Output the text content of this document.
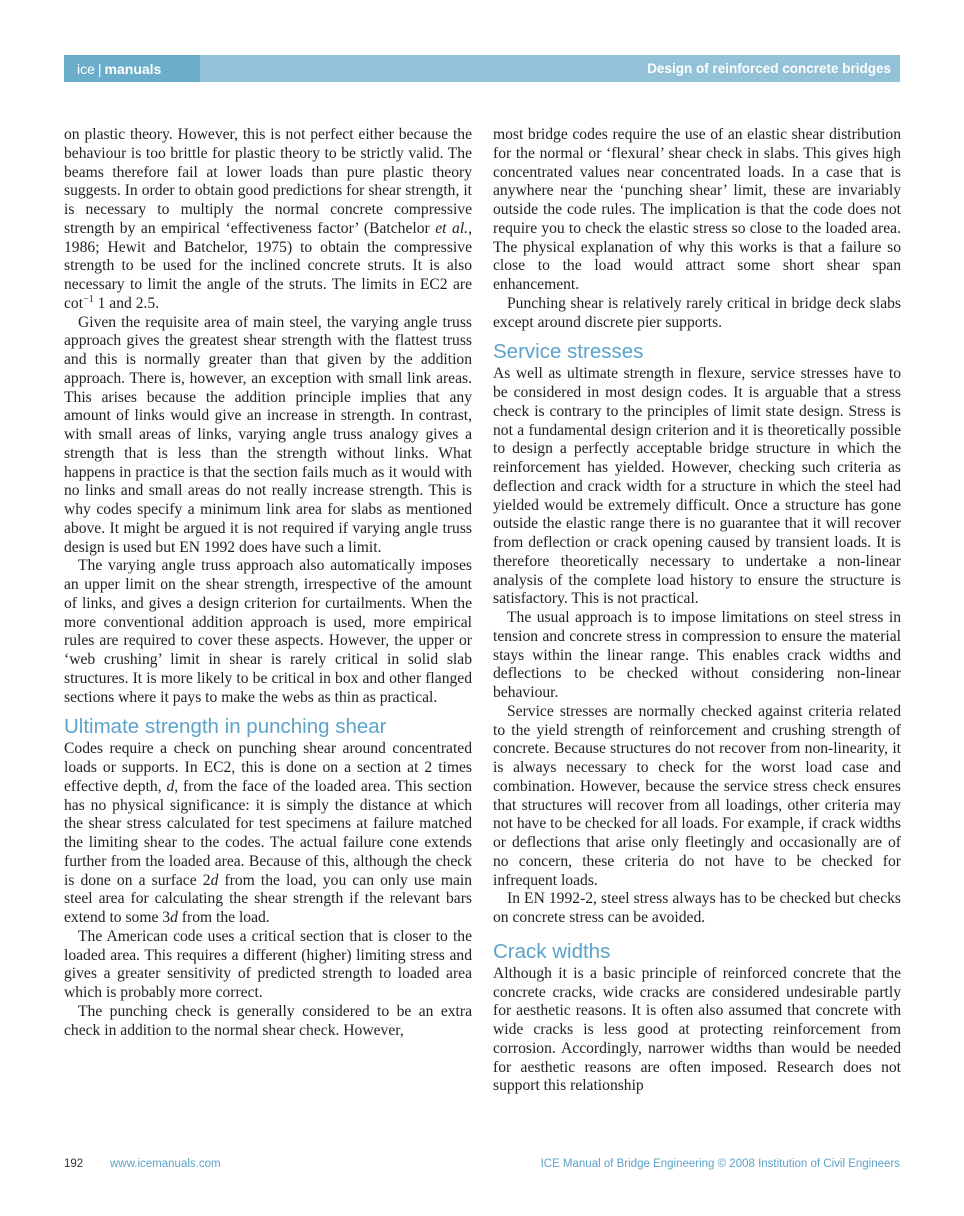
ice | manuals	Design of reinforced concrete bridges

on plastic theory. However, this is not perfect either because the behaviour is too brittle for plastic theory to be strictly valid. The beams therefore fail at lower loads than pure plastic theory suggests. In order to obtain good predictions for shear strength, it is necessary to multiply the normal concrete compressive strength by an empirical ‘effectiveness factor’ (Batchelor et al., 1986; Hewit and Batchelor, 1975) to obtain the compressive strength to be used for the inclined concrete struts. It is also necessary to limit the angle of the struts. The limits in EC2 are $\cot^{-1} 1$ and 2.5.

Given the requisite area of main steel, the varying angle truss approach gives the greatest shear strength with the flattest truss and this is normally greater than that given by the addition approach. There is, however, an exception with small link areas. This arises because the addition principle implies that any amount of links would give an increase in strength. In contrast, with small areas of links, varying angle truss analogy gives a strength that is less than the strength without links. What happens in practice is that the section fails much as it would with no links and small areas do not really increase strength. This is why codes specify a minimum link area for slabs as mentioned above. It might be argued it is not required if varying angle truss design is used but EN 1992 does have such a limit.

The varying angle truss approach also automatically imposes an upper limit on the shear strength, irrespective of the amount of links, and gives a design criterion for curtailments. When the more conventional addition approach is used, more empirical rules are required to cover these aspects. However, the upper or ‘web crushing’ limit in shear is rarely critical in solid slab structures. It is more likely to be critical in box and other flanged sections where it pays to make the webs as thin as practical.

Ultimate strength in punching shear

Codes require a check on punching shear around concentrated loads or supports. In EC2, this is done on a section at 2 times effective depth, d, from the face of the loaded area. This section has no physical significance: it is simply the distance at which the shear stress calculated for test specimens at failure matched the limiting shear to the codes. The actual failure cone extends further from the loaded area. Because of this, although the check is done on a surface 2d from the load, you can only use main steel area for calculating the shear strength if the relevant bars extend to some 3d from the load.

The American code uses a critical section that is closer to the loaded area. This requires a different (higher) limiting stress and gives a greater sensitivity of predicted strength to loaded area which is probably more correct.

The punching check is generally considered to be an extra check in addition to the normal shear check. However,

most bridge codes require the use of an elastic shear distribution for the normal or ‘flexural’ shear check in slabs. This gives high concentrated values near concentrated loads. In a case that is anywhere near the ‘punching shear’ limit, these are invariably outside the code rules. The implication is that the code does not require you to check the elastic stress so close to the loaded area. The physical explanation of why this works is that a failure so close to the load would attract some short shear span enhancement.

Punching shear is relatively rarely critical in bridge deck slabs except around discrete pier supports.

Service stresses

As well as ultimate strength in flexure, service stresses have to be considered in most design codes. It is arguable that a stress check is contrary to the principles of limit state design. Stress is not a fundamental design criterion and it is theoretically possible to design a perfectly acceptable bridge structure in which the reinforcement has yielded. However, checking such criteria as deflection and crack width for a structure in which the steel had yielded would be extremely difficult. Once a structure has gone outside the elastic range there is no guarantee that it will recover from deflection or crack opening caused by transient loads. It is therefore theoretically necessary to undertake a non-linear analysis of the complete load history to ensure the structure is satisfactory. This is not practical.

The usual approach is to impose limitations on steel stress in tension and concrete stress in compression to ensure the material stays within the linear range. This enables crack widths and deflections to be checked without considering non-linear behaviour.

Service stresses are normally checked against criteria related to the yield strength of reinforcement and crushing strength of concrete. Because structures do not recover from non-linearity, it is always necessary to check for the worst load case and combination. However, because the service stress check ensures that structures will recover from all loadings, other criteria may not have to be checked for all loads. For example, if crack widths or deflections that arise only fleetingly and occasionally are of no concern, these criteria do not have to be checked for infrequent loads.

In EN 1992-2, steel stress always has to be checked but checks on concrete stress can be avoided.

Crack widths

Although it is a basic principle of reinforced concrete that the concrete cracks, wide cracks are considered undesirable partly for aesthetic reasons. It is often also assumed that concrete with wide cracks is less good at protecting reinforcement from corrosion. Accordingly, narrower widths than would be needed for aesthetic reasons are often imposed. Research does not support this relationship

192	www.icemanuals.com	ICE Manual of Bridge Engineering © 2008 Institution of Civil Engineers
